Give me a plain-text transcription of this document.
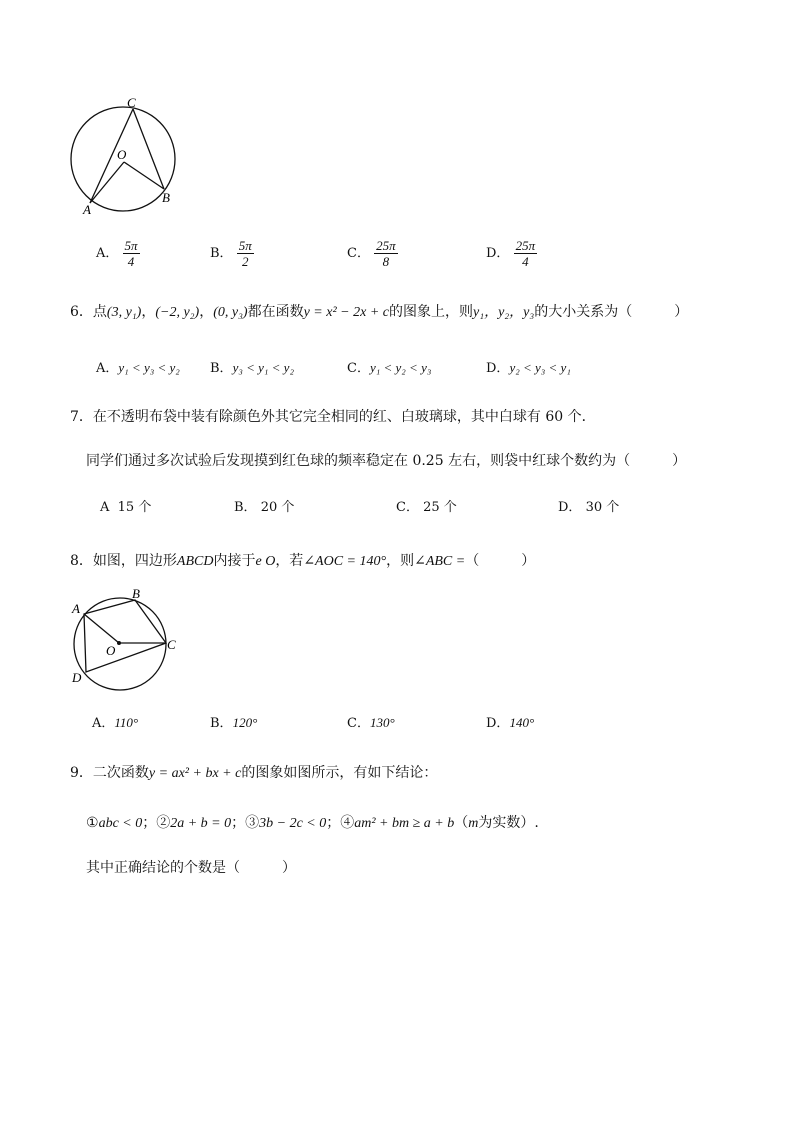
C
O
A
B
A． $\frac{5\pi}{4}$	B． $\frac{5\pi}{2}$	C． $\frac{25\pi}{8}$	D． $\frac{25\pi}{4}$
6．点(3, y₁)，(−2, y₂)，(0, y₃)都在函数y = x² − 2x + c的图象上，则y₁，y₂，y₃的大小关系为（　　　）
A．y₁ < y₃ < y₂ B．y₃ < y₁ < y₂	C．y₁ < y₂ < y₃	D．y₂ < y₃ < y₁
7．在不透明布袋中装有除颜色外其它完全相同的红、白玻璃球，其中白球有 60 个．
同学们通过多次试验后发现摸到红色球的频率稳定在 0.25 左右，则袋中红球个数约为（　　　）
A 15 个	B． 20 个	C． 25 个	D． 30 个
8．如图，四边形ABCD内接于e O，若∠AOC = 140°，则∠ABC =（　　　）
A
B
C
D
O
A．110°	B．120°	C．130°	D．140°
9．二次函数y = ax² + bx + c的图象如图所示，有如下结论：
①abc < 0；②2a + b = 0；③3b − 2c < 0；④am² + bm ≥ a + b（m为实数）.
其中正确结论的个数是（　　　）
